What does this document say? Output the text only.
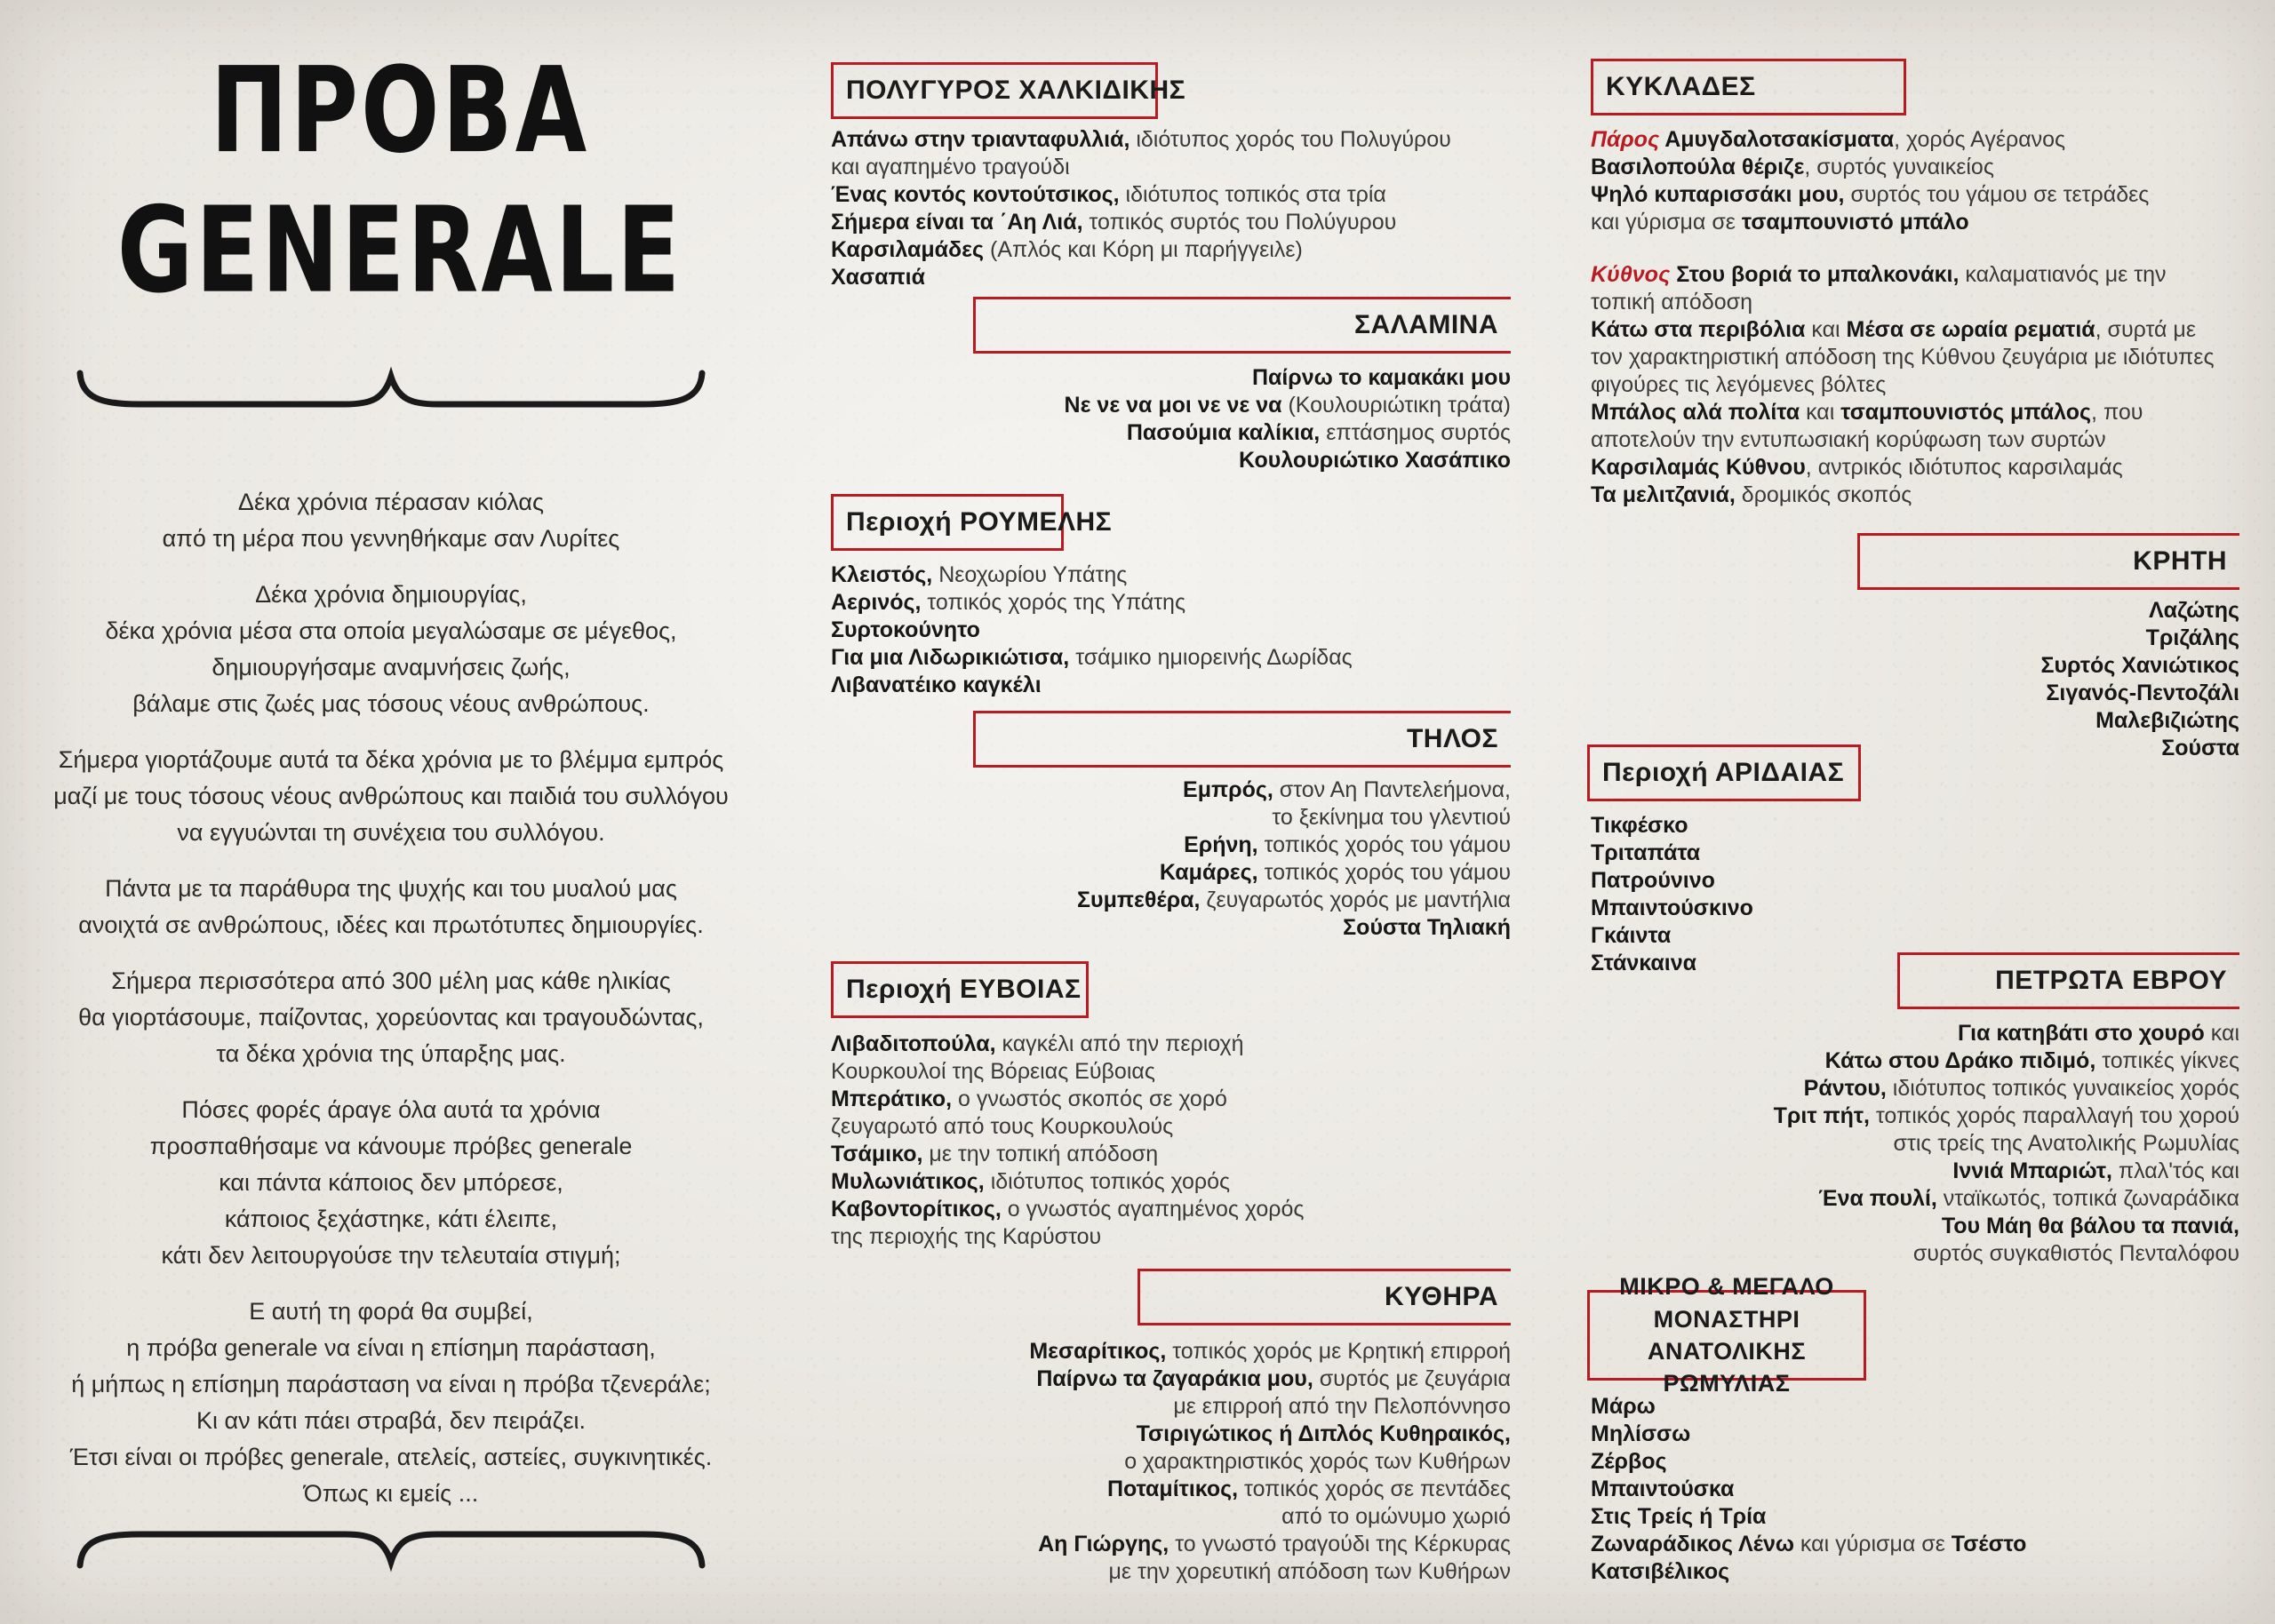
ΠΡΟΒΑ
GENERALE

Δέκα χρόνια πέρασαν κιόλας
από τη μέρα που γεννηθήκαμε σαν Λυρίτες

Δέκα χρόνια δημιουργίας,
δέκα χρόνια μέσα στα οποία μεγαλώσαμε σε μέγεθος,
δημιουργήσαμε αναμνήσεις ζωής,
βάλαμε στις ζωές μας τόσους νέους ανθρώπους.

Σήμερα γιορτάζουμε αυτά τα δέκα χρόνια με το βλέμμα εμπρός
μαζί με τους τόσους νέους ανθρώπους και παιδιά του συλλόγου
να εγγυώνται τη συνέχεια του συλλόγου.

Πάντα με τα παράθυρα της ψυχής και του μυαλού μας
ανοιχτά σε ανθρώπους, ιδέες και πρωτότυπες δημιουργίες.

Σήμερα περισσότερα από 300 μέλη μας κάθε ηλικίας
θα γιορτάσουμε, παίζοντας, χορεύοντας και τραγουδώντας,
τα δέκα χρόνια της ύπαρξης μας.

Πόσες φορές άραγε όλα αυτά τα χρόνια
προσπαθήσαμε να κάνουμε πρόβες generale
και πάντα κάποιος δεν μπόρεσε,
κάποιος ξεχάστηκε, κάτι έλειπε,
κάτι δεν λειτουργούσε την τελευταία στιγμή;

Ε αυτή τη φορά θα συμβεί,
η πρόβα generale να είναι η επίσημη παράσταση,
ή μήπως η επίσημη παράσταση να είναι η πρόβα τζενεράλε;
Κι αν κάτι πάει στραβά, δεν πειράζει.
Έτσι είναι οι πρόβες generale, ατελείς, αστείες, συγκινητικές.
Όπως κι εμείς ...

ΠΟΛΥΓΥΡΟΣ ΧΑΛΚΙΔΙΚΗΣ
Απάνω στην τριανταφυλλιά, ιδιότυπος χορός του Πολυγύρου
και αγαπημένο τραγούδι
Ένας κοντός κοντούτσικος, ιδιότυπος τοπικός στα τρία
Σήμερα είναι τα ΄Αη Λιά, τοπικός συρτός του Πολύγυρου
Καρσιλαμάδες (Απλός και Κόρη μι παρήγγειλε)
Χασαπιά
ΣΑΛΑΜΙΝΑ
Παίρνω το καμακάκι μου
Νε νε να μοι νε νε να (Κουλουριώτικη τράτα)
Πασούμια καλίκια, επτάσημος συρτός
Κουλουριώτικο Χασάπικο
Περιοχή ΡΟΥΜΕΛΗΣ
Κλειστός, Νεοχωρίου Υπάτης
Αερινός, τοπικός χορός της Υπάτης
Συρτοκούνητο
Για μια Λιδωρικιώτισα, τσάμικο ημιορεινής Δωρίδας
Λιβανατέικο καγκέλι
ΤΗΛΟΣ
Εμπρός, στον Αη Παντελεήμονα,
το ξεκίνημα του γλεντιού
Ερήνη, τοπικός χορός του γάμου
Καμάρες, τοπικός χορός του γάμου
Συμπεθέρα, ζευγαρωτός χορός με μαντήλια
Σούστα Τηλιακή
Περιοχή ΕΥΒΟΙΑΣ
Λιβαδιτοπούλα, καγκέλι από την περιοχή
Κουρκουλοί της Βόρειας Εύβοιας
Μπεράτικο, ο γνωστός σκοπός σε χορό
ζευγαρωτό από τους Κουρκουλούς
Τσάμικο, με την τοπική απόδοση
Μυλωνιάτικος, ιδιότυπος τοπικός χορός
Καβοντορίτικος, ο γνωστός αγαπημένος χορός
της περιοχής της Καρύστου
ΚΥΘΗΡΑ
Μεσαρίτικος, τοπικός χορός με Κρητική επιρροή
Παίρνω τα ζαγαράκια μου, συρτός με ζευγάρια
με επιρροή από την Πελοπόννησο
Τσιριγώτικος ή Διπλός Κυθηραικός,
ο χαρακτηριστικός χορός των Κυθήρων
Ποταμίτικος, τοπικός χορός σε πεντάδες
από το ομώνυμο χωριό
Αη Γιώργης, το γνωστό τραγούδι της Κέρκυρας
με την χορευτική απόδοση των Κυθήρων
ΚΥΚΛΑΔΕΣ
Πάρος Αμυγδαλοτσακίσματα, χορός Αγέρανος
Βασιλοπούλα θέριζε, συρτός γυναικείος
Ψηλό κυπαρισσάκι μου, συρτός του γάμου σε τετράδες
και γύρισμα σε τσαμπουνιστό μπάλο
Κύθνος Στου βοριά το μπαλκονάκι, καλαματιανός με την
τοπική απόδοση
Κάτω στα περιβόλια και Μέσα σε ωραία ρεματιά, συρτά με
τον χαρακτηριστική απόδοση της Κύθνου ζευγάρια με ιδιότυπες
φιγούρες τις λεγόμενες βόλτες
Μπάλος αλά πολίτα και τσαμπουνιστός μπάλος, που
αποτελούν την εντυπωσιακή κορύφωση των συρτών
Καρσιλαμάς Κύθνου, αντρικός ιδιότυπος καρσιλαμάς
Τα μελιτζανιά, δρομικός σκοπός
ΚΡΗΤΗ
Λαζώτης
Τριζάλης
Συρτός Χανιώτικος
Σιγανός-Πεντοζάλι
Μαλεβιζιώτης
Σούστα
Περιοχή ΑΡΙΔΑΙΑΣ
Τικφέσκο
Τριταπάτα
Πατρούνινο
Μπαιντούσκινο
Γκάιντα
Στάνκαινα
ΠΕΤΡΩΤΑ ΕΒΡΟΥ
Για κατηβάτι στο χουρό και
Κάτω στου Δράκο πιδιμό, τοπικές γίκνες
Ράντου, ιδιότυπος τοπικός γυναικείος χορός
Τριτ πήτ, τοπικός χορός παραλλαγή του χορού
στις τρείς της Ανατολικής Ρωμυλίας
Ιννιά Μπαριώτ, πλαλ'τός και
Ένα πουλί, νταϊκωτός, τοπικά ζωναράδικα
Του Μάη θα βάλου τα πανιά,
συρτός συγκαθιστός Πενταλόφου
ΜΙΚΡΟ & ΜΕΓΑΛΟ ΜΟΝΑΣΤΗΡΙ
ΑΝΑΤΟΛΙΚΗΣ ΡΩΜΥΛΙΑΣ
Μάρω
Μηλίσσω
Ζέρβος
Μπαιντούσκα
Στις Τρείς ή Τρία
Ζωναράδικος Λένω και γύρισμα σε Τσέστο
Κατσιβέλικος
